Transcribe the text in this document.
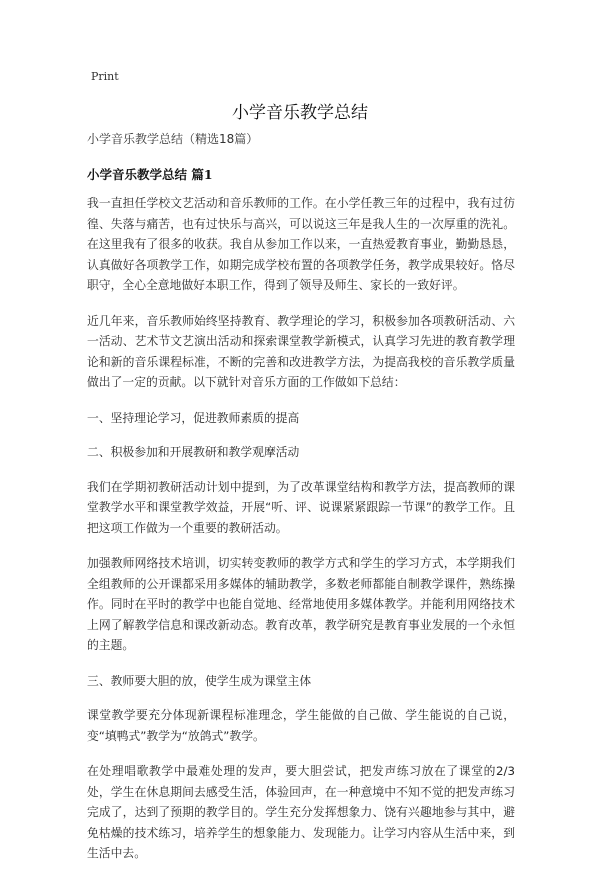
Print
小学音乐教学总结
小学音乐教学总结（精选18篇）
小学音乐教学总结 篇1

我一直担任学校文艺活动和音乐教师的工作。在小学任教三年的过程中，我有过彷徨、失落与痛苦，也有过快乐与高兴，可以说这三年是我人生的一次厚重的洗礼。在这里我有了很多的收获。我自从参加工作以来，一直热爱教育事业，勤勤恳恳，认真做好各项教学工作，如期完成学校布置的各项教学任务，教学成果较好。恪尽职守，全心全意地做好本职工作，得到了领导及师生、家长的一致好评。

近几年来，音乐教师始终坚持教育、教学理论的学习，积极参加各项教研活动、六一活动、艺术节文艺演出活动和探索课堂教学新模式，认真学习先进的教育教学理论和新的音乐课程标准，不断的完善和改进教学方法，为提高我校的音乐教学质量做出了一定的贡献。以下就针对音乐方面的工作做如下总结：

一、坚持理论学习，促进教师素质的提高

二、积极参加和开展教研和教学观摩活动

我们在学期初教研活动计划中提到，为了改革课堂结构和教学方法，提高教师的课堂教学水平和课堂教学效益，开展“听、评、说课紧紧跟踪一节课”的教学工作。且把这项工作做为一个重要的教研活动。

加强教师网络技术培训，切实转变教师的教学方式和学生的学习方式，本学期我们全组教师的公开课都采用多媒体的辅助教学，多数老师都能自制教学课件，熟练操作。同时在平时的教学中也能自觉地、经常地使用多媒体教学。并能利用网络技术上网了解教学信息和课改新动态。教育改革，教学研究是教育事业发展的一个永恒的主题。

三、教师要大胆的放，使学生成为课堂主体

课堂教学要充分体现新课程标准理念，学生能做的自己做、学生能说的自己说，变“填鸭式”教学为“放鸽式”教学。

在处理唱歌教学中最难处理的发声，要大胆尝试，把发声练习放在了课堂的2/3处，学生在休息期间去感受生活，体验回声，在一种意境中不知不觉的把发声练习完成了，达到了预期的教学目的。学生充分发挥想象力、饶有兴趣地参与其中，避免枯燥的技术练习，培养学生的想象能力、发现能力。让学习内容从生活中来，到生活中去。
